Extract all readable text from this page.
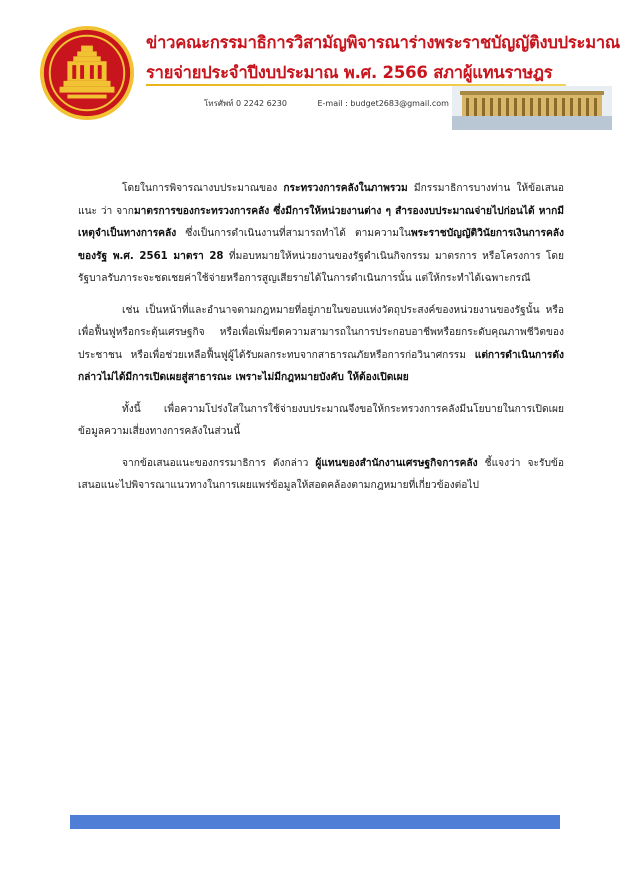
ข่าวคณะกรรมาธิการวิสามัญพิจารณาร่างพระราชบัญญัติงบประมาณ
รายจ่ายประจำปีงบประมาณ พ.ศ. 2566 สภาผู้แทนราษฎร
โทรศัพท์ 0 2242 6230	E-mail : budget2683@gmail.com

โดยในการพิจารณางบประมาณของ กระทรวงการคลังในภาพรวม มีกรรมาธิการบางท่าน ให้ข้อเสนอแนะ ว่า จากมาตรการของกระทรวงการคลัง ซึ่งมีการให้หน่วยงานต่าง ๆ สำรองงบประมาณจ่ายไปก่อนได้ หากมีเหตุจำเป็นทางการคลัง ซึ่งเป็นการดำเนินงานที่สามารถทำได้ ตามความในพระราชบัญญัติวินัยการเงินการคลังของรัฐ พ.ศ. 2561 มาตรา 28 ที่มอบหมายให้หน่วยงานของรัฐดำเนินกิจกรรม มาตรการ หรือโครงการ โดยรัฐบาลรับภาระจะชดเชยค่าใช้จ่ายหรือการสูญเสียรายได้ในการดำเนินการนั้น แต่ให้กระทำได้เฉพาะกรณี

เช่น เป็นหน้าที่และอำนาจตามกฎหมายที่อยู่ภายในขอบแห่งวัตถุประสงค์ของหน่วยงานของรัฐนั้น หรือเพื่อฟื้นฟูหรือกระตุ้นเศรษฐกิจ หรือเพื่อเพิ่มขีดความสามารถในการประกอบอาชีพหรือยกระดับคุณภาพชีวิตของประชาชน หรือเพื่อช่วยเหลือฟื้นฟูผู้ได้รับผลกระทบจากสาธารณภัยหรือการก่อวินาศกรรม แต่การดำเนินการดังกล่าวไม่ได้มีการเปิดเผยสู่สาธารณะ เพราะไม่มีกฎหมายบังคับ ให้ต้องเปิดเผย

ทั้งนี้ เพื่อความโปร่งใสในการใช้จ่ายงบประมาณจึงขอให้กระทรวงการคลังมีนโยบายในการเปิดเผยข้อมูลความเสี่ยงทางการคลังในส่วนนี้

จากข้อเสนอแนะของกรรมาธิการ ดังกล่าว ผู้แทนของสำนักงานเศรษฐกิจการคลัง ชี้แจงว่า จะรับข้อเสนอแนะไปพิจารณาแนวทางในการเผยแพร่ข้อมูลให้สอดคล้องตามกฎหมายที่เกี่ยวข้องต่อไป
